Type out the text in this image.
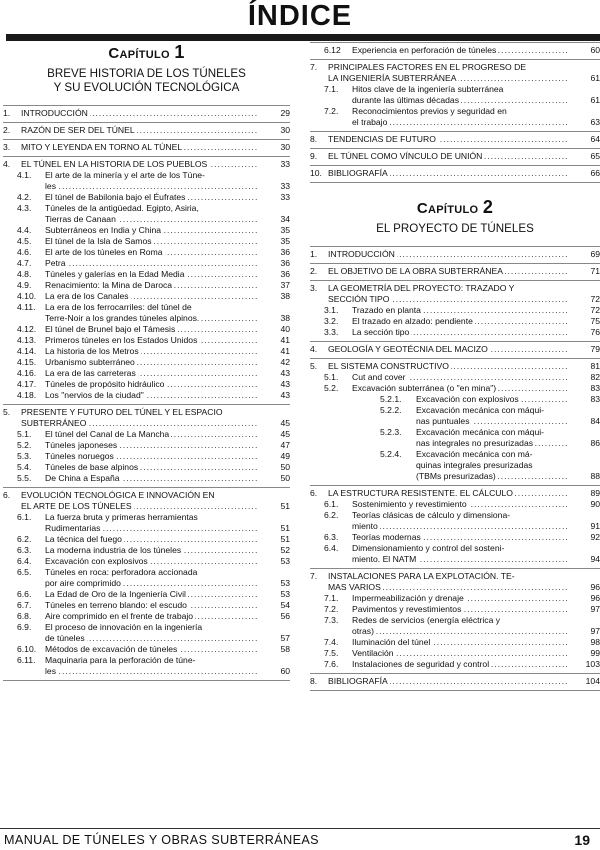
ÍNDICE
Capítulo 1
BREVE HISTORIA DE LOS TÚNELES
Y SU EVOLUCIÓN TECNOLÓGICA
1.	INTRODUCCIÓN .....	29
2.	RAZÓN DE SER DEL TÚNEL .....	30
3.	MITO Y LEYENDA EN TORNO AL TÚNEL .....	30
4.	EL TÚNEL EN LA HISTORIA DE LOS PUEBLOS .....	33
4.1.	El arte de la minería y el arte de los Túne-
les .....	33
4.2.	El túnel de Babilonia bajo el Éufrates .....	33
4.3.	Túneles de la antigüedad. Egipto, Asiria,
Tierras de Canaan .....	34
4.4.	Subterráneos en India y China .....	35
4.5.	El túnel de la Isla de Samos .....	35
4.6.	El arte de los túneles en Roma .....	36
4.7.	Petra .....	36
4.8.	Túneles y galerías en la Edad Media .....	36
4.9.	Renacimiento: la Mina de Daroca .....	37
4.10.	La era de los Canales .....	38
4.11.	La era de los ferrocarriles: del túnel de
Terre-Noir a los grandes túneles alpinos. .....	38
4.12.	El túnel de Brunel bajo el Támesis .....	40
4.13.	Primeros túneles en los Estados Unidos .....	41
4.14.	La historia de los Metros .....	41
4.15.	Urbanismo subterráneo .....	42
4.16.	La era de las carreteras .....	43
4.17.	Túneles de propósito hidráulico .....	43
4.18.	Los "nervios de la ciudad" .....	43
5.	PRESENTE Y FUTURO DEL TÚNEL Y EL ESPACIO
SUBTERRÁNEO .....	45
5.1.	El túnel del Canal de La Mancha .....	45
5.2.	Túneles japoneses .....	47
5.3.	Túneles noruegos .....	49
5.4.	Túneles de base alpinos .....	50
5.5.	De China a España .....	50
6.	EVOLUCIÓN TECNOLÓGICA E INNOVACIÓN EN
EL ARTE DE LOS TÚNELES .....	51
6.1.	La fuerza bruta y primeras herramientas
Rudimentarias .....	51
6.2.	La técnica del fuego .....	51
6.3.	La moderna industria de los túneles .....	52
6.4.	Excavación con explosivos .....	53
6.5.	Túneles en roca: perforadora accionada
por aire comprimido .....	53
6.6.	La Edad de Oro de la Ingeniería Civil .....	53
6.7.	Túneles en terreno blando: el escudo .....	54
6.8.	Aire comprimido en el frente de trabajo .....	56
6.9.	El proceso de innovación en la ingeniería
de túneles .....	57
6.10.	Métodos de excavación de túneles .....	58
6.11.	Maquinaria para la perforación de túne-
les .....	60
6.12	Experiencia en perforación de túneles .....	60
7.	PRINCIPALES FACTORES EN EL PROGRESO DE
LA INGENIERÍA SUBTERRÁNEA .....	61
7.1.	Hitos clave de la ingeniería subterránea
durante las últimas décadas .....	61
7.2.	Reconocimientos previos y seguridad en
el trabajo .....	63
8.	TENDENCIAS DE FUTURO .....	64
9.	EL TÚNEL COMO VÍNCULO DE UNIÓN .....	65
10. BIBLIOGRAFÍA .....	66
Capítulo 2
EL PROYECTO DE TÚNELES
1.	INTRODUCCIÓN .....	69
2.	EL OBJETIVO DE LA OBRA SUBTERRÁNEA .....	71
3.	LA GEOMETRÍA DEL PROYECTO: TRAZADO Y
SECCIÓN TIPO .....	72
3.1.	Trazado en planta .....	72
3.2.	El trazado en alzado: pendiente .....	75
3.3.	La sección tipo .....	76
4.	GEOLOGÍA Y GEOTÉCNIA DEL MACIZO .....	79
5.	EL SISTEMA CONSTRUCTIVO .....	81
5.1.	Cut and cover .....	82
5.2.	Excavación subterránea (o "en mina") .....	83
5.2.1.	Excavación con explosivos .....	83
5.2.2.	Excavación mecánica con máqui-
nas puntuales .....	84
5.2.3.	Excavación mecánica con máqui-
nas integrales no presurizadas .....	86
5.2.4.	Excavación mecánica con má-
quinas integrales presurizadas
(TBMs presurizadas) .....	88
6.	LA ESTRUCTURA RESISTENTE. EL CÁLCULO .....	89
6.1.	Sostenimiento y revestimiento .....	90
6.2.	Teorías clásicas de cálculo y dimensiona-
miento .....	91
6.3.	Teorías modernas .....	92
6.4.	Dimensionamiento y control del sosteni-
miento. El NATM .....	94
7.	INSTALACIONES PARA LA EXPLOTACIÓN. TE-
MAS VARIOS .....	96
7.1.	Impermeabilización y drenaje .....	96
7.2.	Pavimentos y revestimientos .....	97
7.3.	Redes de servicios (energía eléctrica y
otras) .....	97
7.4.	Iluminación del túnel .....	98
7.5.	Ventilación .....	99
7.6.	Instalaciones de seguridad y control .....	103
8.	BIBLIOGRAFÍA .....	104
MANUAL DE TÚNELES Y OBRAS SUBTERRÁNEAS	19
